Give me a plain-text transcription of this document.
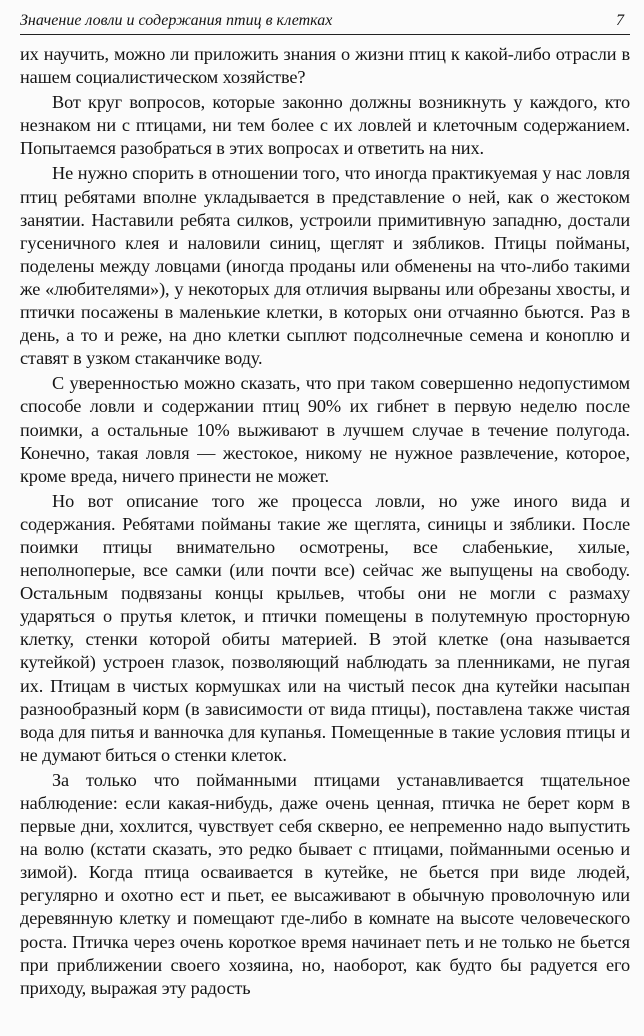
Значение ловли и содержания птиц в клетках	7

их научить, можно ли приложить знания о жизни птиц к какой-либо отрасли в нашем социалистическом хозяйстве?

Вот круг вопросов, которые законно должны возникнуть у каждого, кто незнаком ни с птицами, ни тем более с их ловлей и клеточным содержанием. Попытаемся разобраться в этих вопросах и ответить на них.

Не нужно спорить в отношении того, что иногда практикуемая у нас ловля птиц ребятами вполне укладывается в представление о ней, как о жестоком занятии. Наставили ребята силков, устроили примитивную западню, достали гусеничного клея и наловили синиц, щеглят и зябликов. Птицы пойманы, поделены между ловцами (иногда проданы или обменены на что-либо такими же «любителями»), у некоторых для отличия вырваны или обрезаны хвосты, и птички посажены в маленькие клетки, в которых они отчаянно бьются. Раз в день, а то и реже, на дно клетки сыплют подсолнечные семена и коноплю и ставят в узком стаканчике воду.

С уверенностью можно сказать, что при таком совершенно недопустимом способе ловли и содержании птиц 90% их гибнет в первую неделю после поимки, а остальные 10% выживают в лучшем случае в течение полугода. Конечно, такая ловля — жестокое, никому не нужное развлечение, которое, кроме вреда, ничего принести не может.

Но вот описание того же процесса ловли, но уже иного вида и содержания. Ребятами пойманы такие же щеглята, синицы и зяблики. После поимки птицы внимательно осмотрены, все слабенькие, хилые, неполноперые, все самки (или почти все) сейчас же выпущены на свободу. Остальным подвязаны концы крыльев, чтобы они не могли с размаху ударяться о прутья клеток, и птички помещены в полутемную просторную клетку, стенки которой обиты материей. В этой клетке (она называется кутейкой) устроен глазок, позволяющий наблюдать за пленниками, не пугая их. Птицам в чистых кормушках или на чистый песок дна кутейки насыпан разнообразный корм (в зависимости от вида птицы), поставлена также чистая вода для питья и ванночка для купанья. Помещенные в такие условия птицы и не думают биться о стенки клеток.

За только что пойманными птицами устанавливается тщательное наблюдение: если какая-нибудь, даже очень ценная, птичка не берет корм в первые дни, хохлится, чувствует себя скверно, ее непременно надо выпустить на волю (кстати сказать, это редко бывает с птицами, пойманными осенью и зимой). Когда птица осваивается в кутейке, не бьется при виде людей, регулярно и охотно ест и пьет, ее высаживают в обычную проволочную или деревянную клетку и помещают где-либо в комнате на высоте человеческого роста. Птичка через очень короткое время начинает петь и не только не бьется при приближении своего хозяина, но, наоборот, как будто бы радуется его приходу, выражая эту радость
